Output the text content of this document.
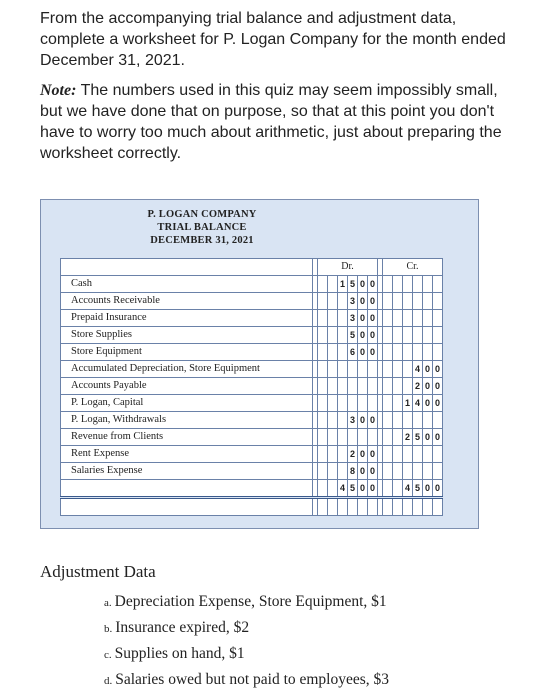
From the accompanying trial balance and adjustment data, complete a worksheet for P. Logan Company for the month ended December 31, 2021.

Note: The numbers used in this quiz may seem impossibly small, but we have done that on purpose, so that at this point you don't have to worry too much about arithmetic, just about preparing the worksheet correctly.

P. LOGAN COMPANY
TRIAL BALANCE
DECEMBER 31, 2021
		Dr.							Cr.					
Cash				1	5	0	0							
Accounts Receivable					3	0	0							
Prepaid Insurance					3	0	0							
Store Supplies					5	0	0							
Store Equipment					6	0	0							
Accumulated Depreciation, Store Equipment												4	0	0
Accounts Payable												2	0	0
P. Logan, Capital											1	4	0	0
P. Logan, Withdrawals					3	0	0							
Revenue from Clients											2	5	0	0
Rent Expense					2	0	0							
Salaries Expense					8	0	0							
				4	5	0	0				4	5	0	0

Adjustment Data

a. Depreciation Expense, Store Equipment, $1
b. Insurance expired, $2
c. Supplies on hand, $1
d. Salaries owed but not paid to employees, $3
